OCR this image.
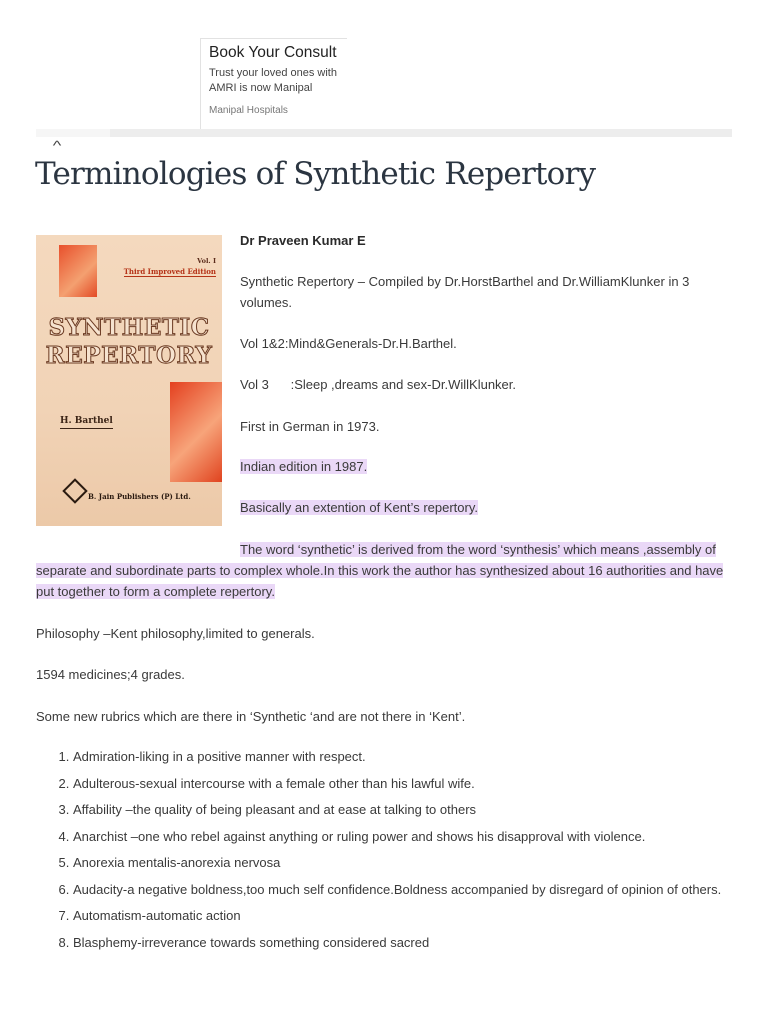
Book Your Consult
Trust your loved ones with AMRI is now Manipal
Manipal Hospitals
^
Terminologies of Synthetic Repertory
Vol. I
Third Improved Edition
SYNTHETIC
REPERTORY
H. Barthel
B. Jain Publishers (P) Ltd.
Dr Praveen Kumar E
Synthetic Repertory – Compiled by Dr.HorstBarthel and Dr.WilliamKlunker in 3 volumes.
Vol 1&2:Mind&Generals-Dr.H.Barthel.
Vol 3      :Sleep ,dreams and sex-Dr.WillKlunker.
First in German in 1973.
Indian edition in 1987.
Basically an extention of Kent’s repertory.
The word ‘synthetic’ is derived from the word ‘synthesis’ which means ,assembly of separate and subordinate parts to complex whole.In this work the author has synthesized about 16 authorities and have put together to form a complete repertory.
Philosophy –Kent philosophy,limited to generals.
1594 medicines;4 grades.
Some new rubrics which are there in ‘Synthetic ‘and are not there in ‘Kent’.
1. Admiration-liking in a positive manner with respect.
2. Adulterous-sexual intercourse with a female other than his lawful wife.
3. Affability –the quality of being pleasant and at ease at talking to others
4. Anarchist –one who rebel against anything or ruling power and shows his disapproval with violence.
5. Anorexia mentalis-anorexia nervosa
6. Audacity-a negative boldness,too much self confidence.Boldness accompanied by disregard of opinion of others.
7. Automatism-automatic action
8. Blasphemy-irreverance towards something considered sacred
